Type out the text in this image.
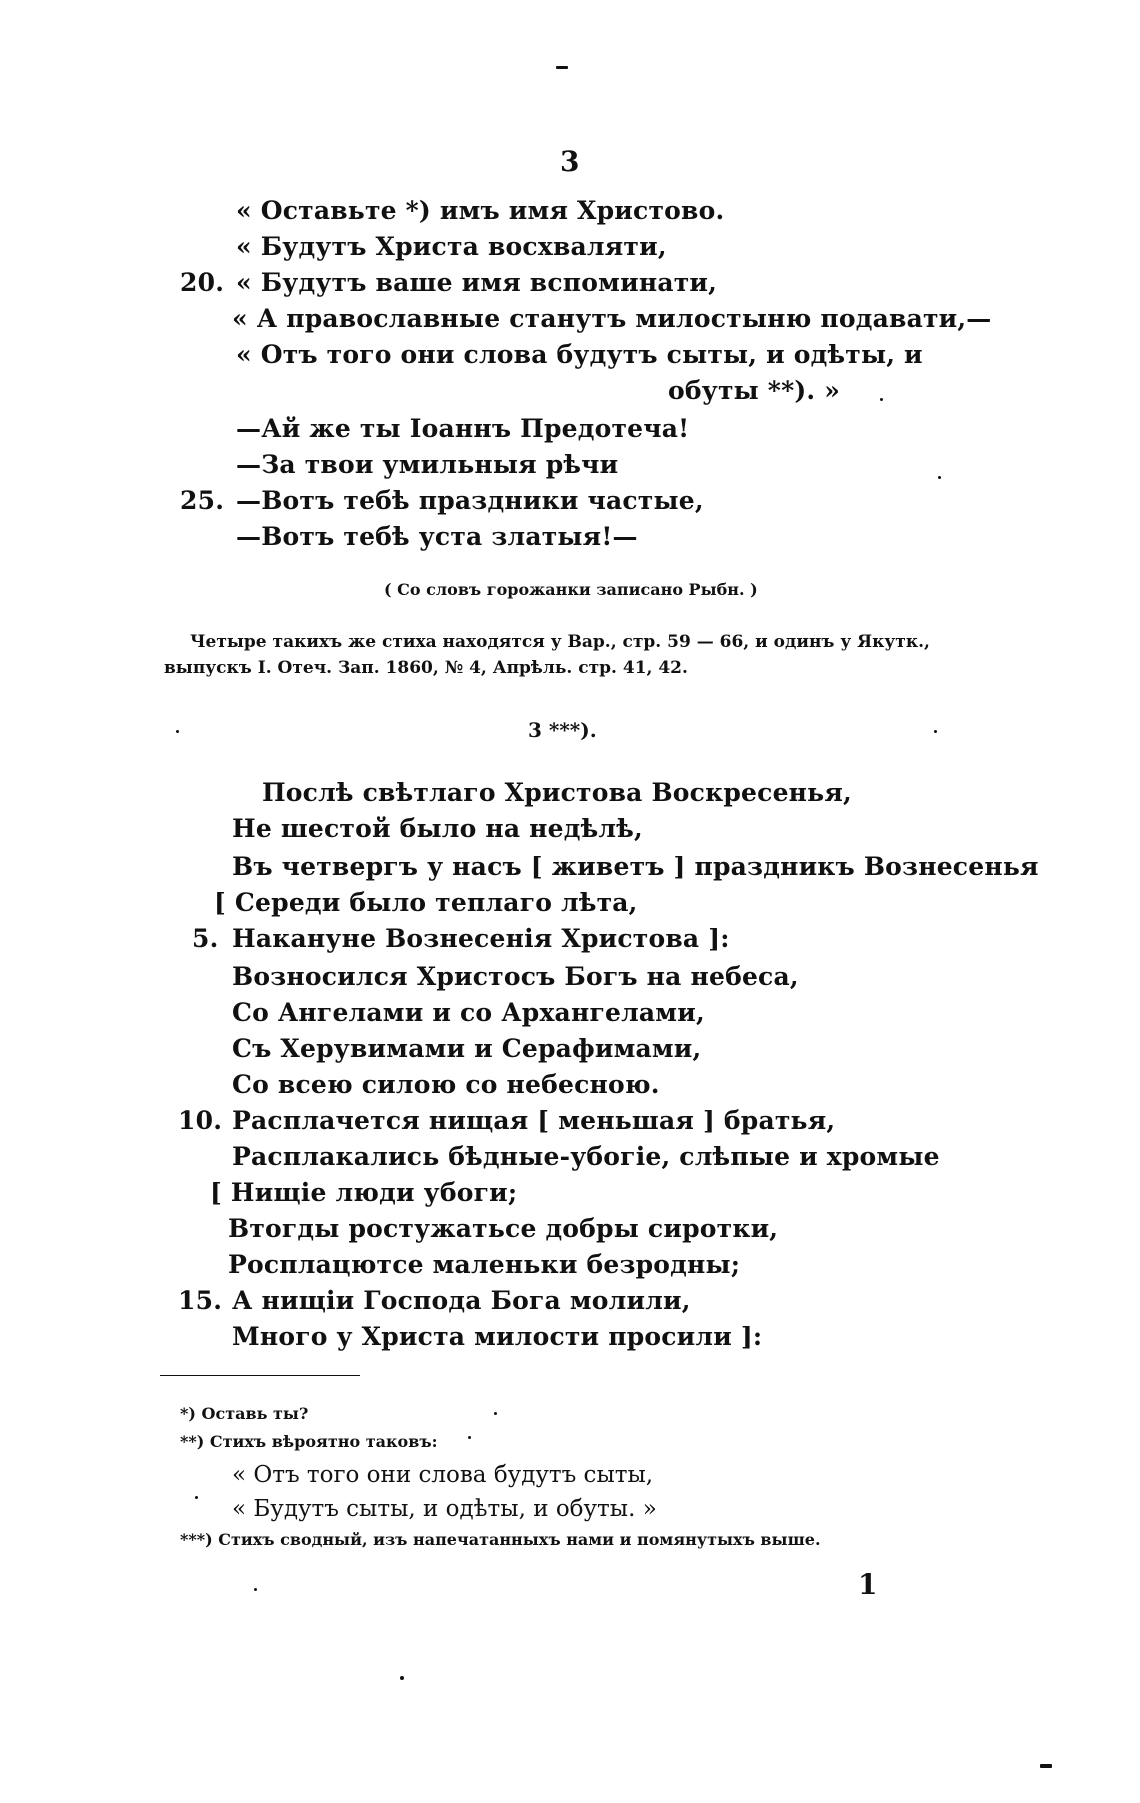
3
« Оставьте *) имъ имя Христово.
« Будутъ Христа восхваляти,
20. « Будутъ ваше имя вспоминати,
« А православные станутъ милостыню подавати,—
« Отъ того они слова будутъ сыты, и одѣты, и
обуты **). »
—Ай же ты Іоаннъ Предотеча!
—За твои умильныя рѣчи
25. —Вотъ тебѣ праздники частые,
—Вотъ тебѣ уста златыя!—
( Со словъ горожанки записано Рыбн. )
Четыре такихъ же стиха находятся у Вар., стр. 59 — 66, и одинъ у Якутк.,
выпускъ I. Отеч. Зап. 1860, № 4, Апрѣль. стр. 41, 42.
3 ***).
Послѣ свѣтлаго Христова Воскресенья,
Не шестой было на недѣлѣ,
Въ четвергъ у насъ [ живетъ ] праздникъ Вознесенья
[ Середи было теплаго лѣта,
5. Накануне Вознесенія Христова ]:
Возносился Христосъ Богъ на небеса,
Со Ангелами и со Архангелами,
Съ Херувимами и Серафимами,
Со всею силою со небесною.
10. Расплачется нищая [ меньшая ] братья,
Расплакались бѣдные-убогіе, слѣпые и хромые
[ Нищіе люди убоги;
Втогды ростужатьсе добры сиротки,
Росплацютсе маленьки безродны;
15. А нищіи Господа Бога молили,
Много у Христа милости просили ]:
*) Оставь ты?
**) Стихъ вѣроятно таковъ:
« Отъ того они слова будутъ сыты,
« Будутъ сыты, и одѣты, и обуты. »
***) Стихъ сводный, изъ напечатанныхъ нами и помянутыхъ выше.
1
